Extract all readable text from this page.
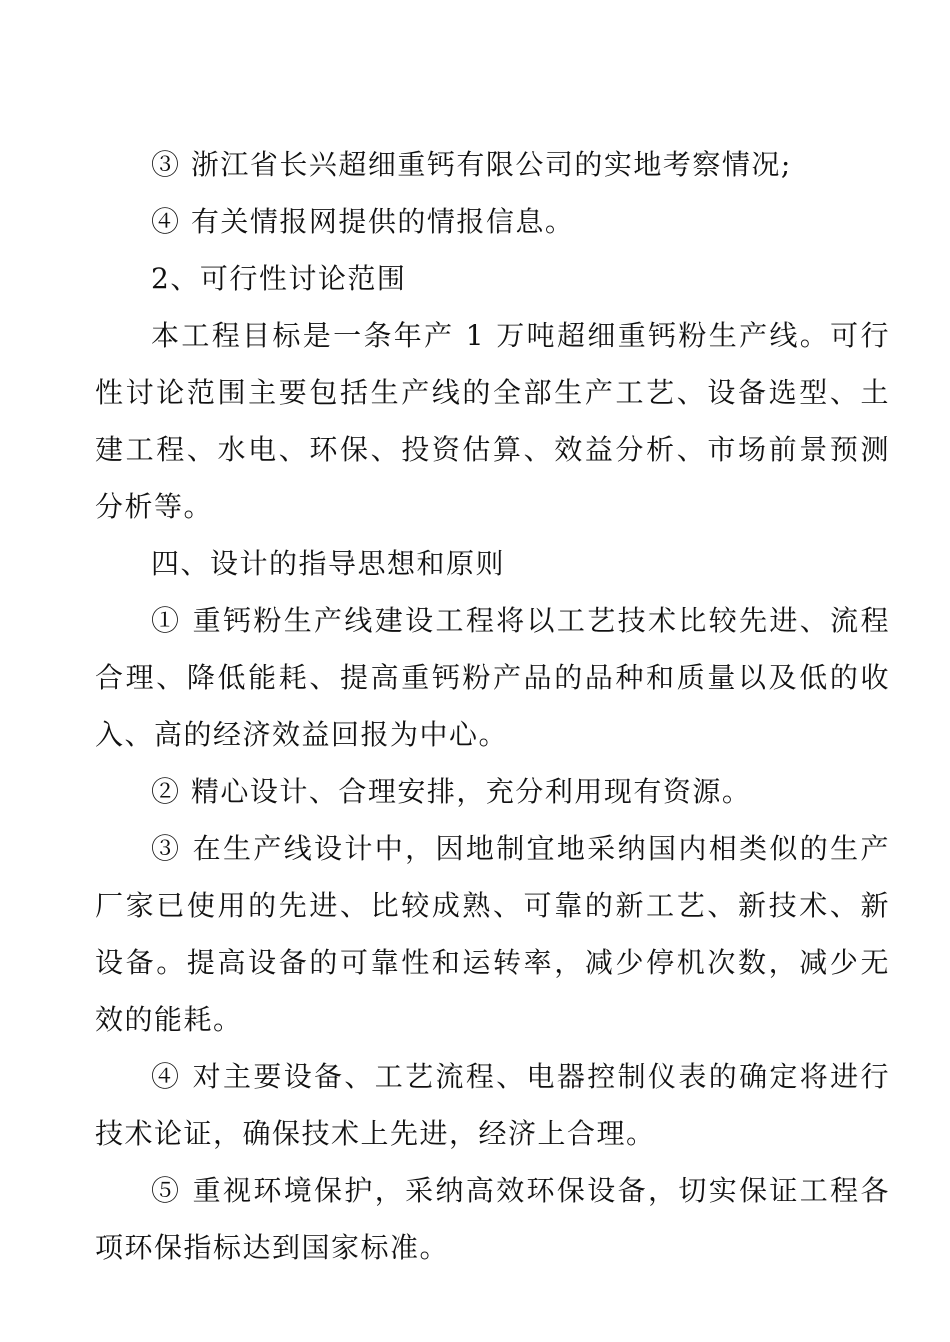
③ 浙江省长兴超细重钙有限公司的实地考察情况;

④ 有关情报网提供的情报信息。

2、可行性讨论范围

本工程目标是一条年产 1 万吨超细重钙粉生产线。可行性讨论范围主要包括生产线的全部生产工艺、设备选型、土建工程、水电、环保、投资估算、效益分析、市场前景预测分析等。

四、设计的指导思想和原则

① 重钙粉生产线建设工程将以工艺技术比较先进、流程合理、降低能耗、提高重钙粉产品的品种和质量以及低的收入、高的经济效益回报为中心。

② 精心设计、合理安排，充分利用现有资源。

③ 在生产线设计中，因地制宜地采纳国内相类似的生产厂家已使用的先进、比较成熟、可靠的新工艺、新技术、新设备。提高设备的可靠性和运转率，减少停机次数，减少无效的能耗。

④ 对主要设备、工艺流程、电器控制仪表的确定将进行技术论证，确保技术上先进，经济上合理。

⑤ 重视环境保护，采纳高效环保设备，切实保证工程各项环保指标达到国家标准。
